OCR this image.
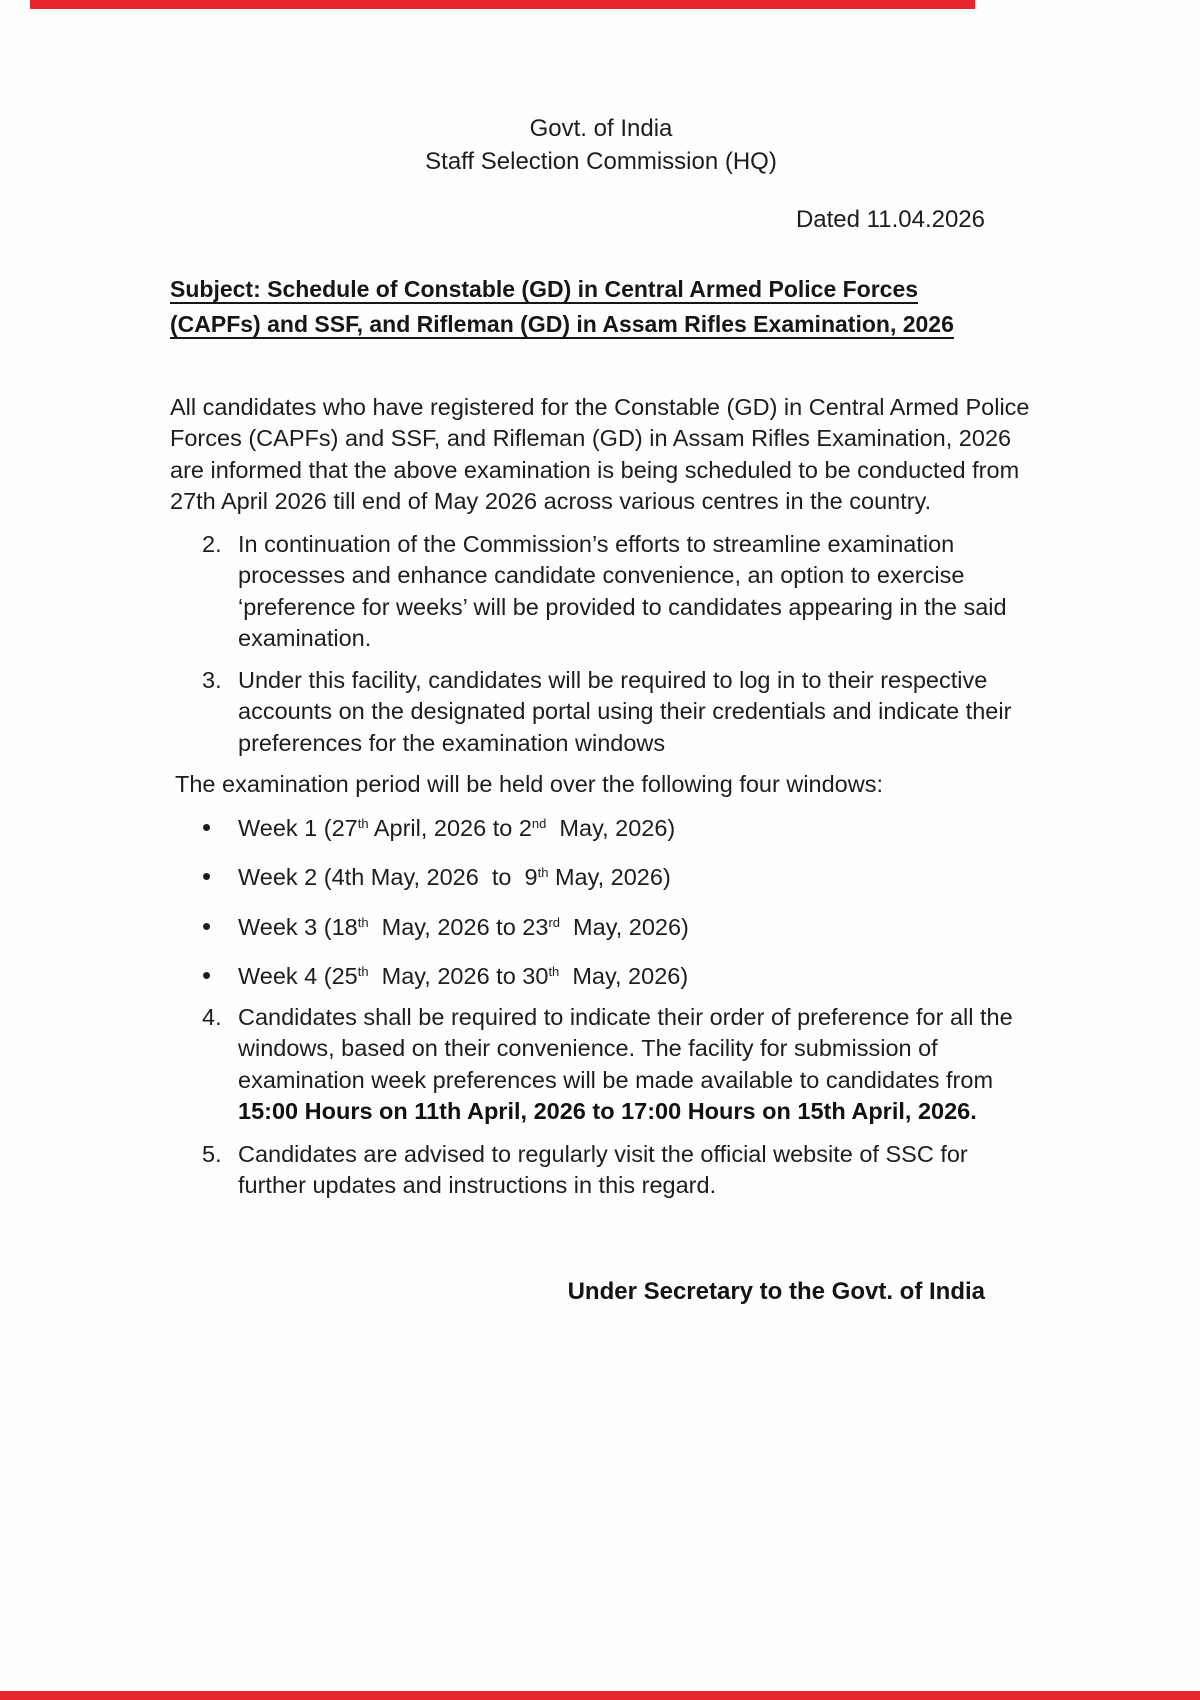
Govt. of India
Staff Selection Commission (HQ)
Dated 11.04.2026
Subject: Schedule of Constable (GD) in Central Armed Police Forces
(CAPFs) and SSF, and Rifleman (GD) in Assam Rifles Examination, 2026

All candidates who have registered for the Constable (GD) in Central Armed Police Forces (CAPFs) and SSF, and Rifleman (GD) in Assam Rifles Examination, 2026 are informed that the above examination is being scheduled to be conducted from 27th April 2026 till end of May 2026 across various centres in the country.

2. In continuation of the Commission’s efforts to streamline examination processes and enhance candidate convenience, an option to exercise ‘preference for weeks’ will be provided to candidates appearing in the said examination.
3. Under this facility, candidates will be required to log in to their respective accounts on the designated portal using their credentials and indicate their preferences for the examination windows
The examination period will be held over the following four windows:
•	Week 1 (27th April, 2026 to 2nd  May, 2026)
•	Week 2 (4th May, 2026  to  9th May, 2026)
•	Week 3 (18th  May, 2026 to 23rd  May, 2026)
•	Week 4 (25th  May, 2026 to 30th  May, 2026)
4. Candidates shall be required to indicate their order of preference for all the windows, based on their convenience. The facility for submission of examination week preferences will be made available to candidates from 15:00 Hours on 11th April, 2026 to 17:00 Hours on 15th April, 2026.
5. Candidates are advised to regularly visit the official website of SSC for further updates and instructions in this regard.
Under Secretary to the Govt. of India
